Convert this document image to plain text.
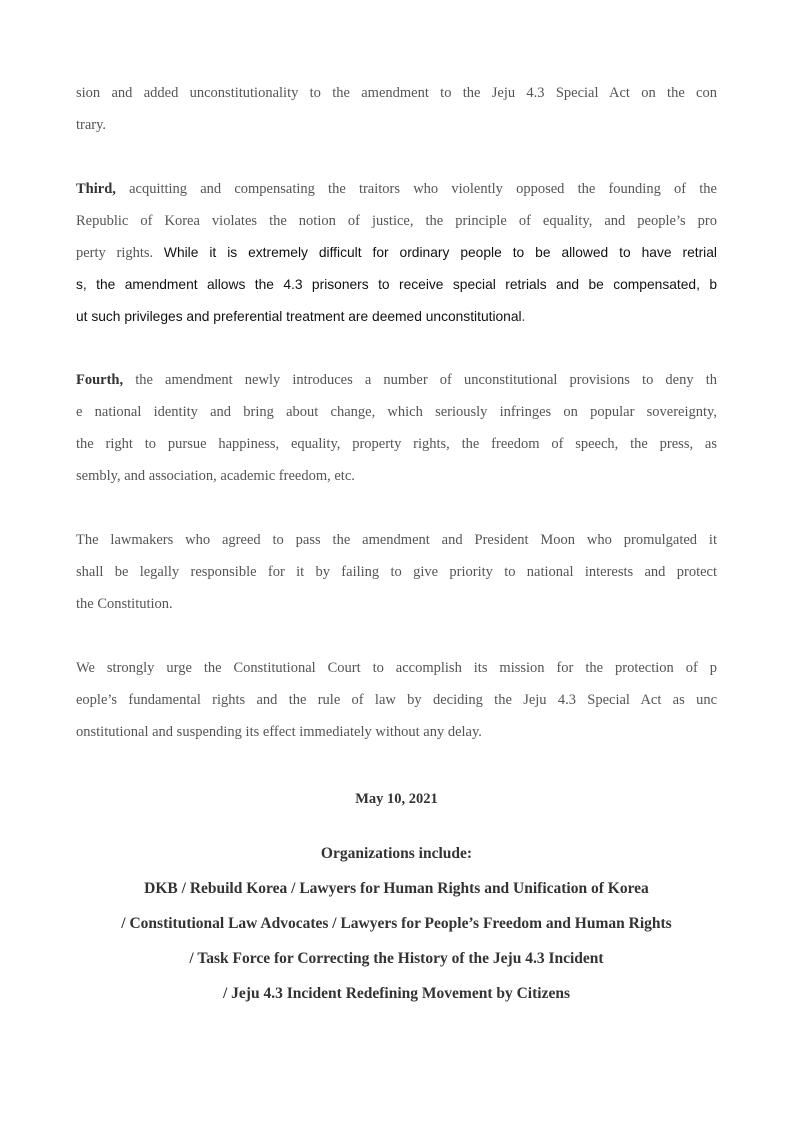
sion and added unconstitutionality to the amendment to the Jeju 4.3 Special Act on the con
trary.
Third, acquitting and compensating the traitors who violently opposed the founding of the
Republic of Korea violates the notion of justice, the principle of equality, and people’s pro
perty rights. While it is extremely difficult for ordinary people to be allowed to have retrial
s, the amendment allows the 4.3 prisoners to receive special retrials and be compensated, b
ut such privileges and preferential treatment are deemed unconstitutional.
Fourth, the amendment newly introduces a number of unconstitutional provisions to deny th
e national identity and bring about change, which seriously infringes on popular sovereignty,
the right to pursue happiness, equality, property rights, the freedom of speech, the press, as
sembly, and association, academic freedom, etc.
The lawmakers who agreed to pass the amendment and President Moon who promulgated it
shall be legally responsible for it by failing to give priority to national interests and protect
the Constitution.
We strongly urge the Constitutional Court to accomplish its mission for the protection of p
eople’s fundamental rights and the rule of law by deciding the Jeju 4.3 Special Act as unc
onstitutional and suspending its effect immediately without any delay.

May 10, 2021

Organizations include:
DKB / Rebuild Korea / Lawyers for Human Rights and Unification of Korea
/ Constitutional Law Advocates / Lawyers for People’s Freedom and Human Rights
/ Task Force for Correcting the History of the Jeju 4.3 Incident
/ Jeju 4.3 Incident Redefining Movement by Citizens
